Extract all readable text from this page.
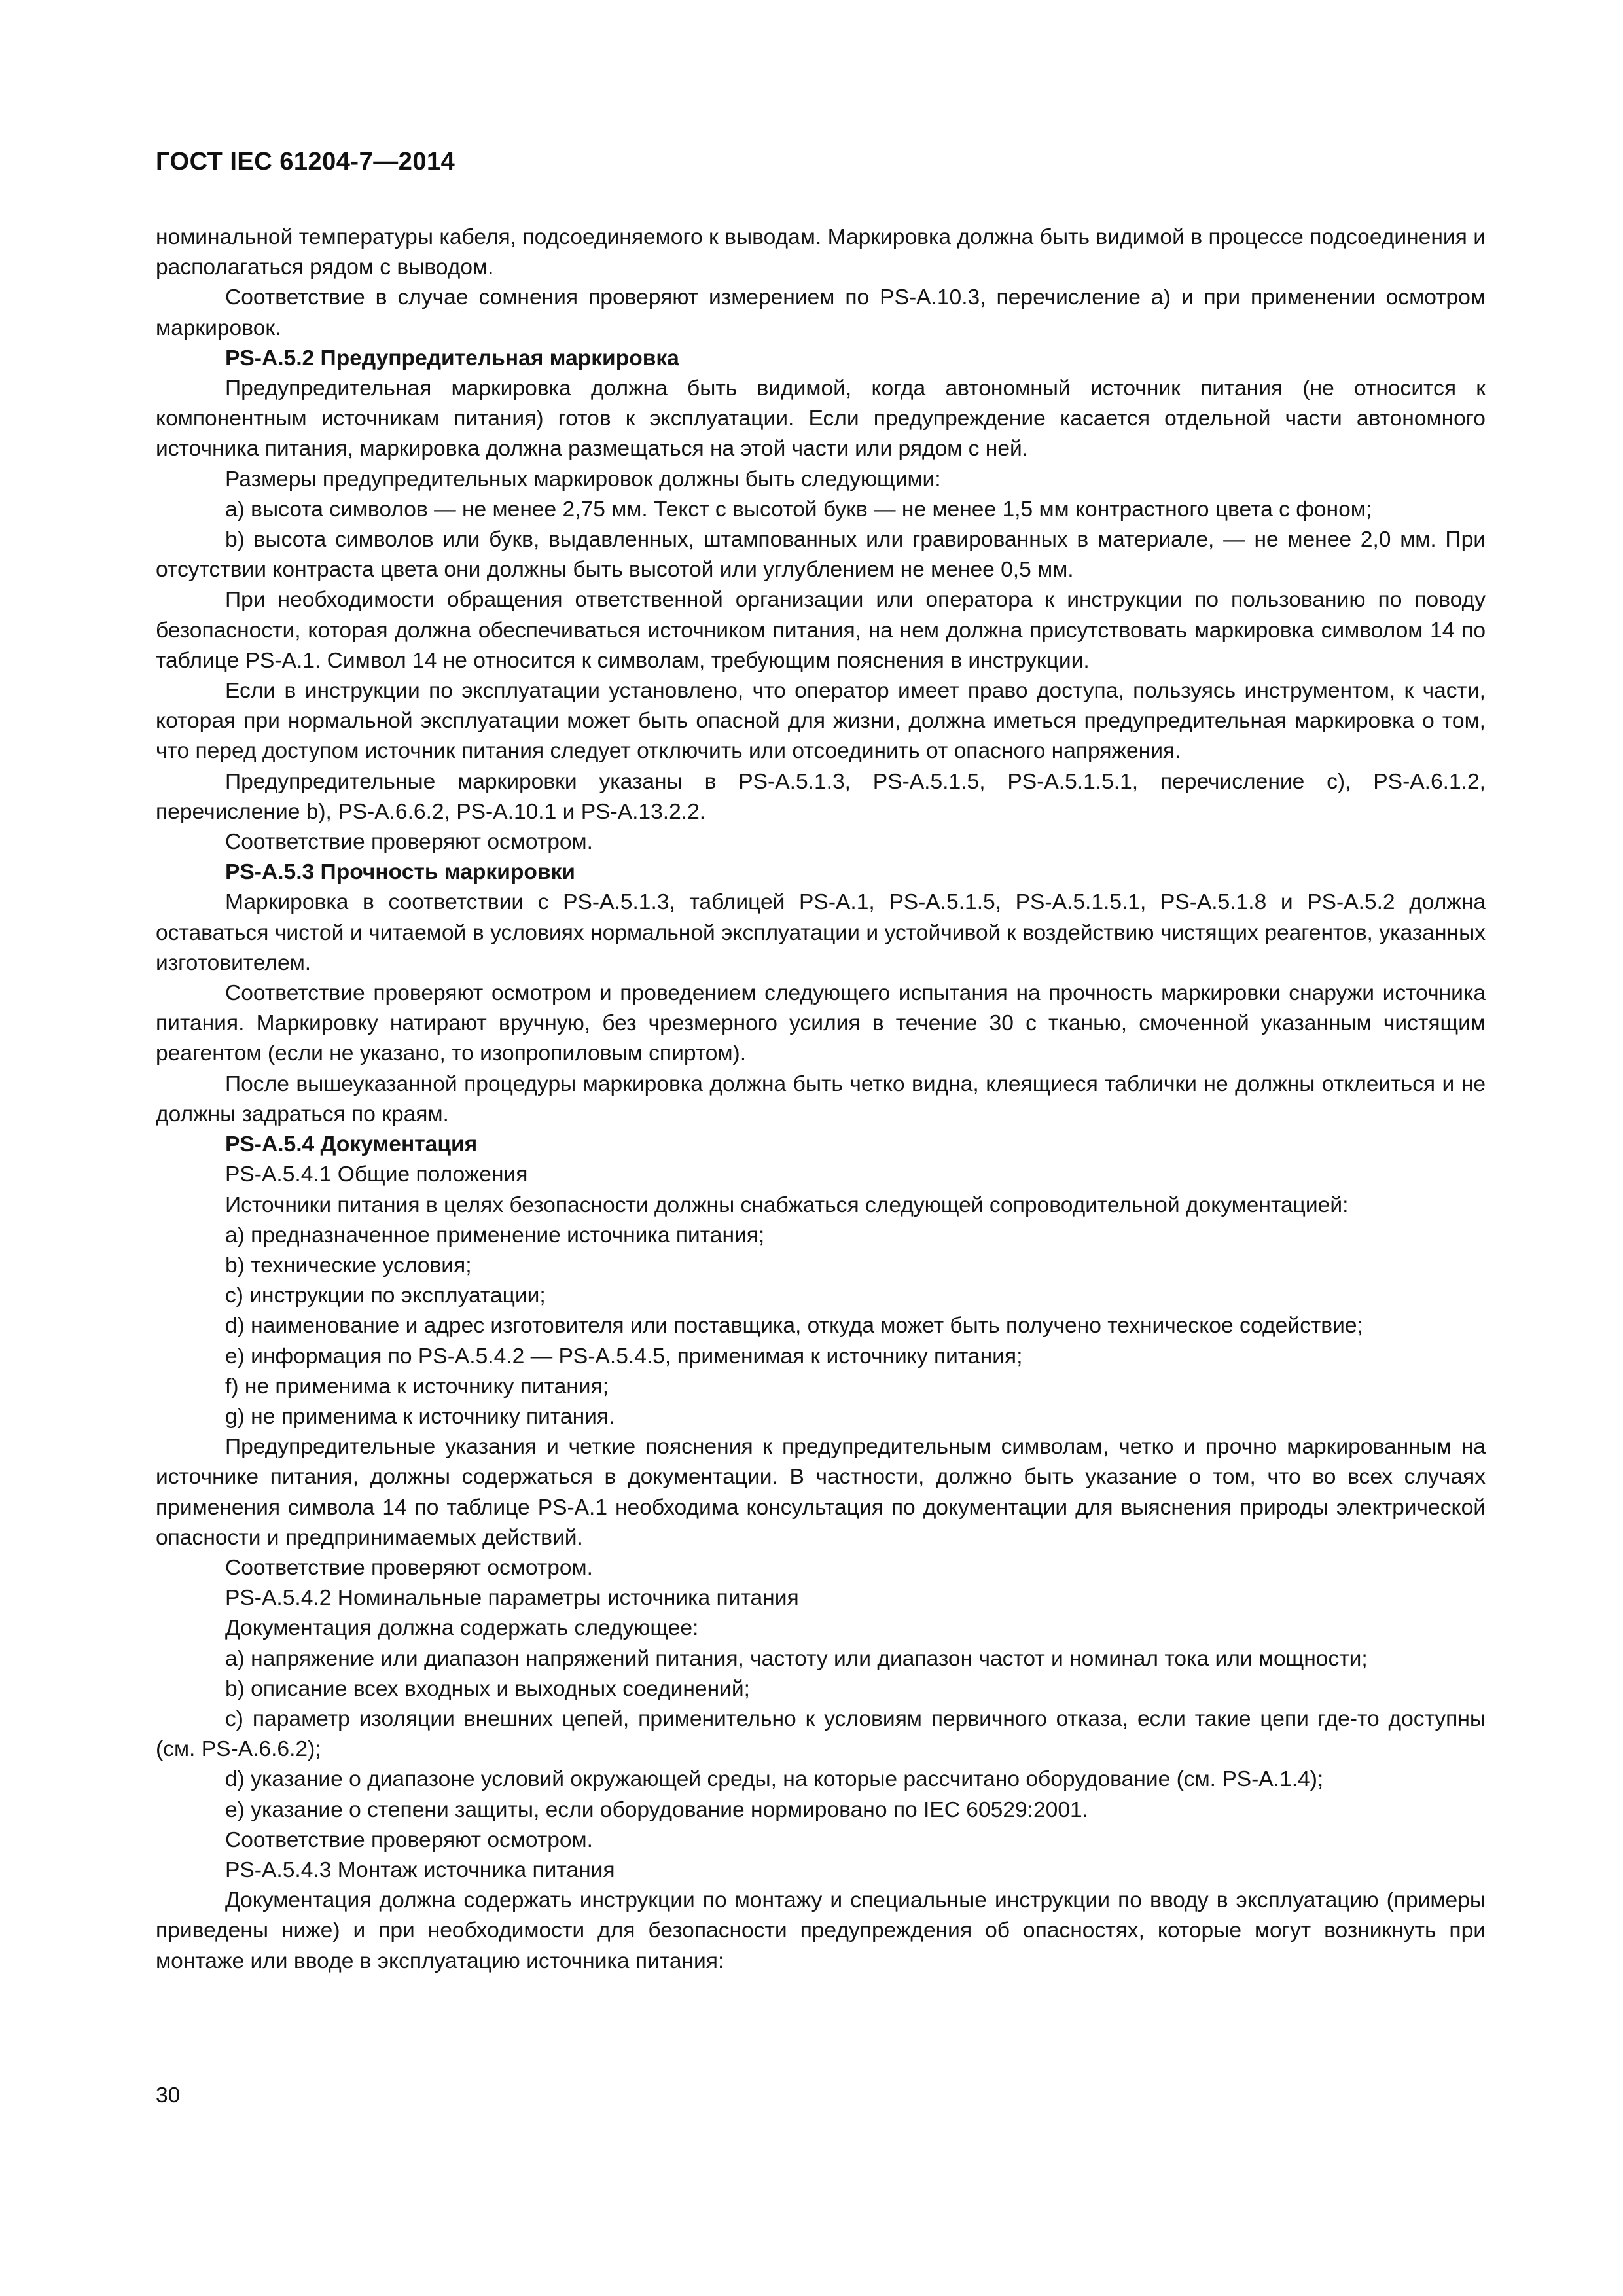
ГОСТ IEC 61204-7—2014

номинальной температуры кабеля, подсоединяемого к выводам. Маркировка должна быть видимой в процессе подсоединения и располагаться рядом с выводом.

Соответствие в случае сомнения проверяют измерением по PS-A.10.3, перечисление а) и при применении осмотром маркировок.

PS-A.5.2 Предупредительная маркировка

Предупредительная маркировка должна быть видимой, когда автономный источник питания (не относится к компонентным источникам питания) готов к эксплуатации. Если предупреждение касается отдельной части автономного источника питания, маркировка должна размещаться на этой части или рядом с ней.

Размеры предупредительных маркировок должны быть следующими:

a) высота символов — не менее 2,75 мм. Текст с высотой букв — не менее 1,5 мм контрастного цвета с фоном;

b) высота символов или букв, выдавленных, штампованных или гравированных в материале, — не менее 2,0 мм. При отсутствии контраста цвета они должны быть высотой или углублением не менее 0,5 мм.

При необходимости обращения ответственной организации или оператора к инструкции по пользованию по поводу безопасности, которая должна обеспечиваться источником питания, на нем должна присутствовать маркировка символом 14 по таблице PS-A.1. Символ 14 не относится к символам, требующим пояснения в инструкции.

Если в инструкции по эксплуатации установлено, что оператор имеет право доступа, пользуясь инструментом, к части, которая при нормальной эксплуатации может быть опасной для жизни, должна иметься предупредительная маркировка о том, что перед доступом источник питания следует отключить или отсоединить от опасного напряжения.

Предупредительные маркировки указаны в PS-A.5.1.3, PS-A.5.1.5, PS-A.5.1.5.1, перечисление с), PS-A.6.1.2, перечисление b), PS-A.6.6.2, PS-A.10.1 и PS-A.13.2.2.

Соответствие проверяют осмотром.

PS-A.5.3 Прочность маркировки

Маркировка в соответствии с PS-A.5.1.3, таблицей PS-A.1, PS-A.5.1.5, PS-A.5.1.5.1, PS-A.5.1.8 и PS-A.5.2 должна оставаться чистой и читаемой в условиях нормальной эксплуатации и устойчивой к воздействию чистящих реагентов, указанных изготовителем.

Соответствие проверяют осмотром и проведением следующего испытания на прочность маркировки снаружи источника питания. Маркировку натирают вручную, без чрезмерного усилия в течение 30 с тканью, смоченной указанным чистящим реагентом (если не указано, то изопропиловым спиртом).

После вышеуказанной процедуры маркировка должна быть четко видна, клеящиеся таблички не должны отклеиться и не должны задраться по краям.

PS-A.5.4 Документация

PS-A.5.4.1 Общие положения

Источники питания в целях безопасности должны снабжаться следующей сопроводительной документацией:

a) предназначенное применение источника питания;

b) технические условия;

c) инструкции по эксплуатации;

d) наименование и адрес изготовителя или поставщика, откуда может быть получено техническое содействие;

e) информация по PS-A.5.4.2 — PS-A.5.4.5, применимая к источнику питания;

f) не применима к источнику питания;

g) не применима к источнику питания.

Предупредительные указания и четкие пояснения к предупредительным символам, четко и прочно маркированным на источнике питания, должны содержаться в документации. В частности, должно быть указание о том, что во всех случаях применения символа 14 по таблице PS-A.1 необходима консультация по документации для выяснения природы электрической опасности и предпринимаемых действий.

Соответствие проверяют осмотром.

PS-A.5.4.2 Номинальные параметры источника питания

Документация должна содержать следующее:

a) напряжение или диапазон напряжений питания, частоту или диапазон частот и номинал тока или мощности;

b) описание всех входных и выходных соединений;

c) параметр изоляции внешних цепей, применительно к условиям первичного отказа, если такие цепи где-то доступны (см. PS-A.6.6.2);

d) указание о диапазоне условий окружающей среды, на которые рассчитано оборудование (см. PS-A.1.4);

e) указание о степени защиты, если оборудование нормировано по IEC 60529:2001.

Соответствие проверяют осмотром.

PS-A.5.4.3 Монтаж источника питания

Документация должна содержать инструкции по монтажу и специальные инструкции по вводу в эксплуатацию (примеры приведены ниже) и при необходимости для безопасности предупреждения об опасностях, которые могут возникнуть при монтаже или вводе в эксплуатацию источника питания:

30
